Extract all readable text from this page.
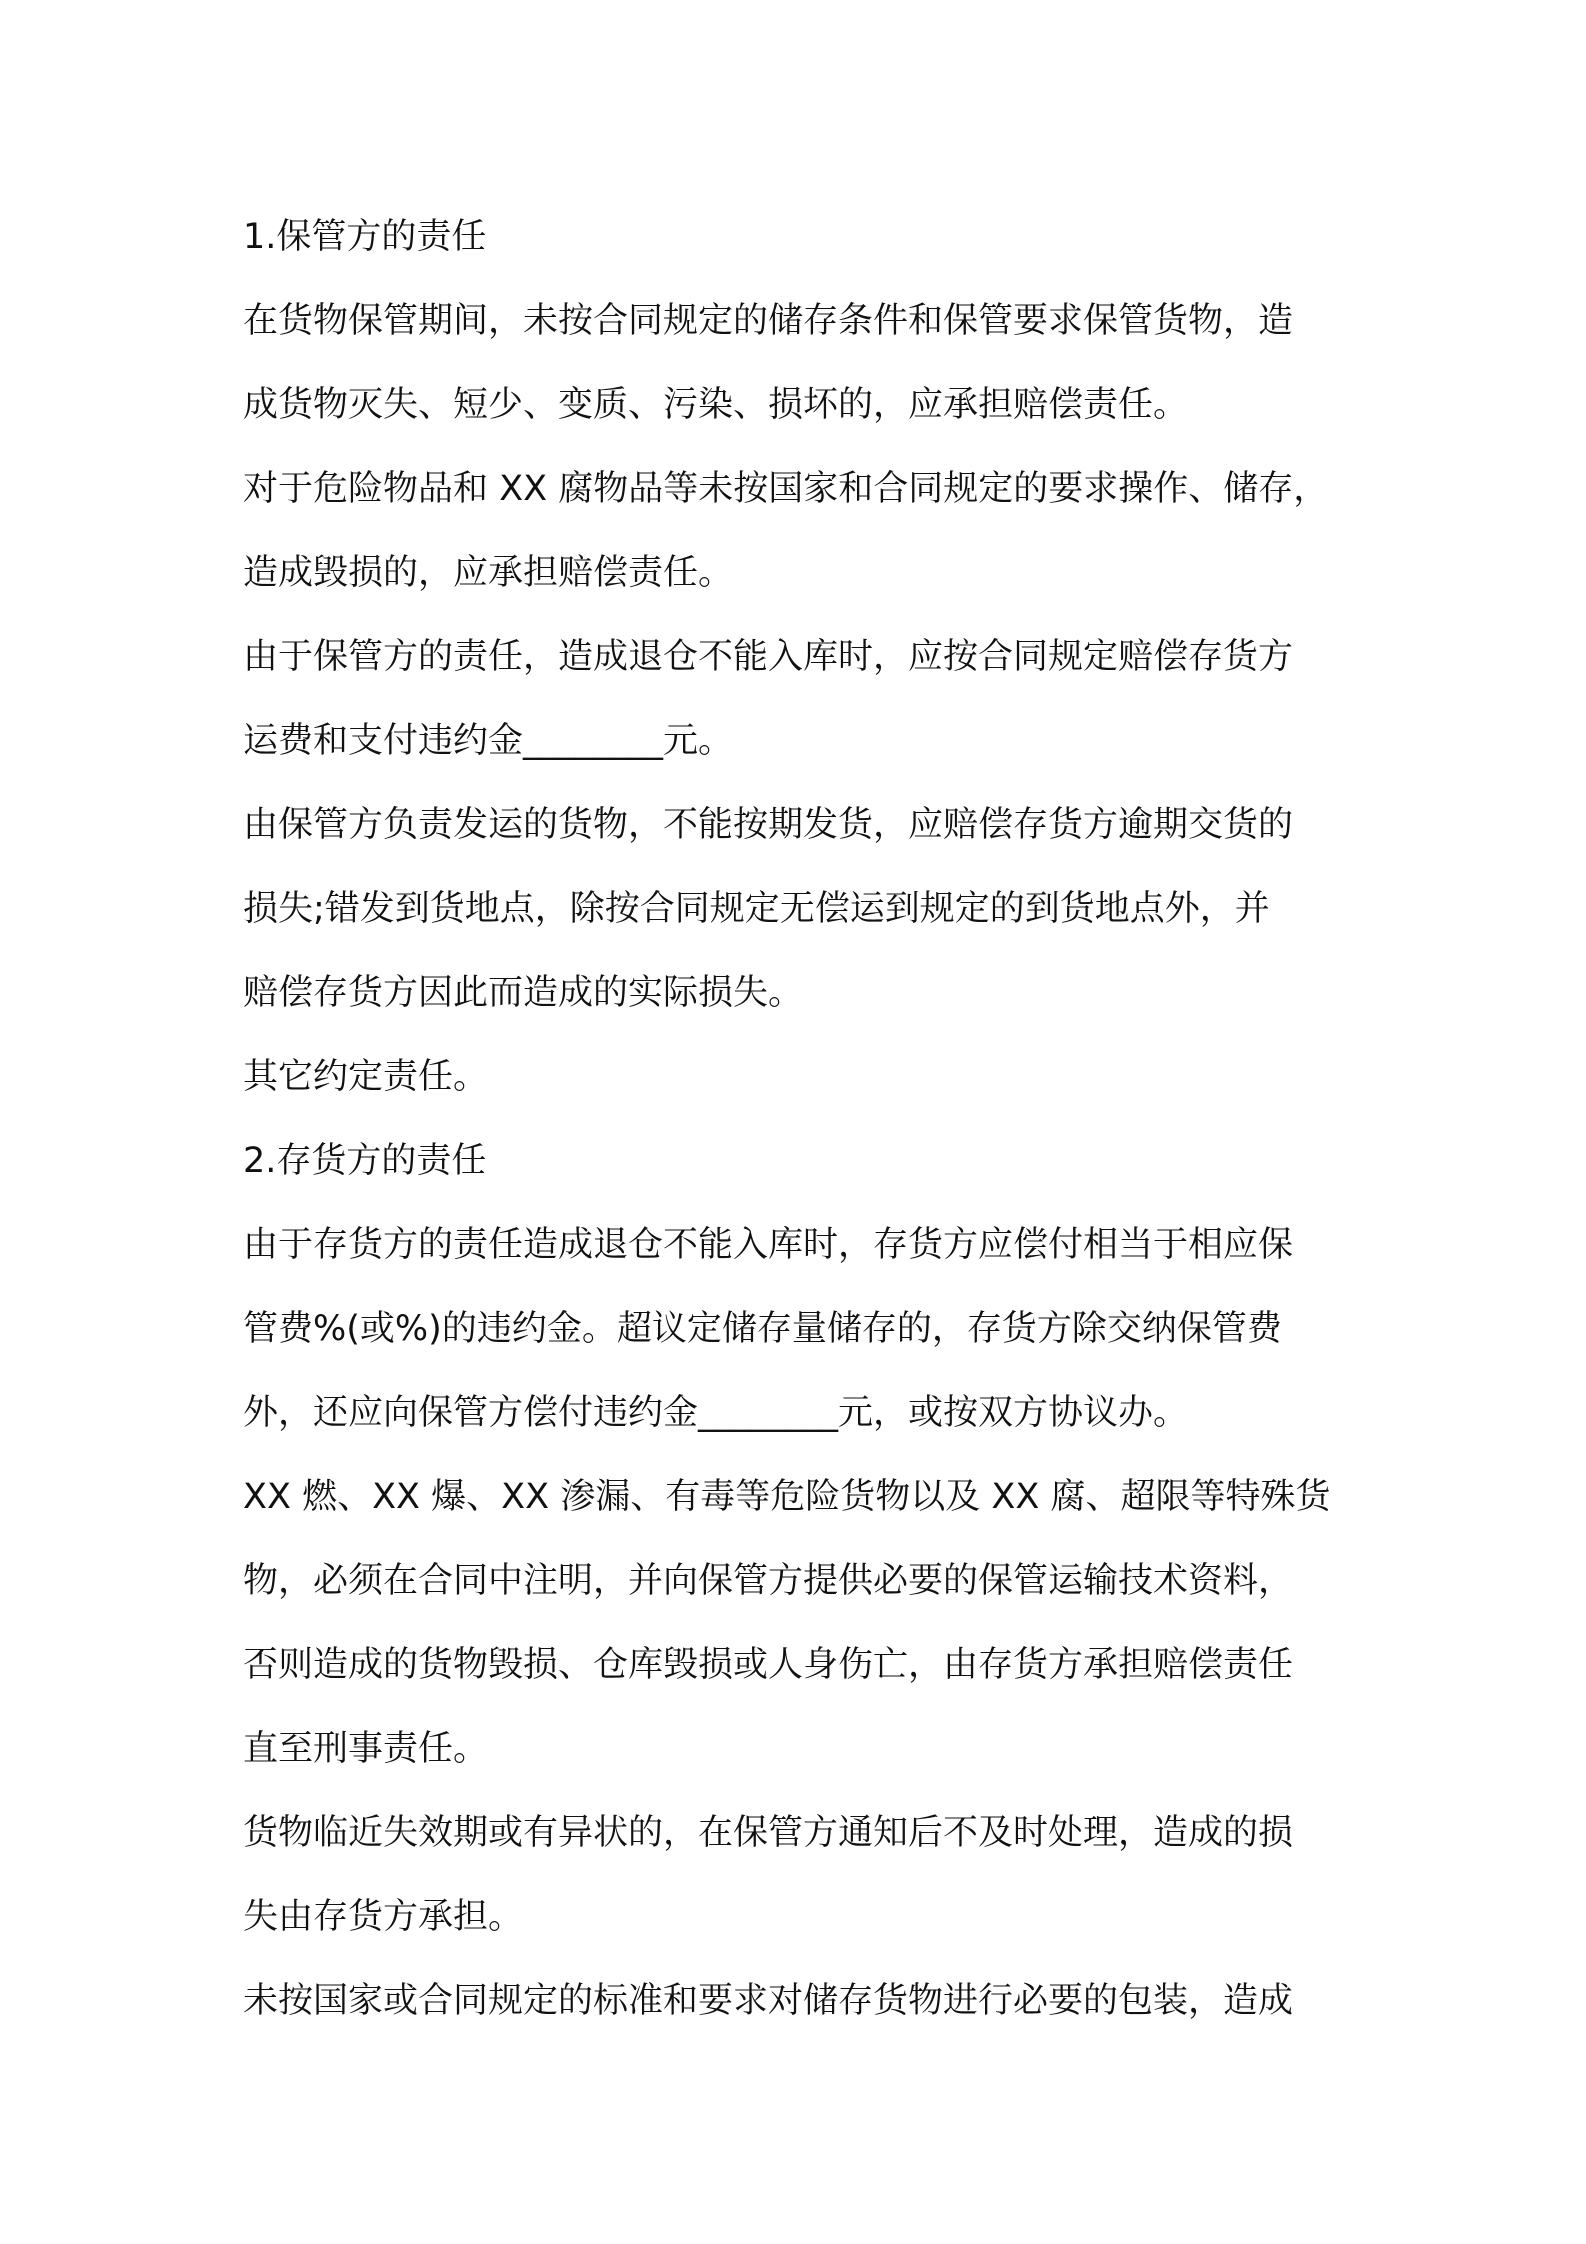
1.保管方的责任
在货物保管期间，未按合同规定的储存条件和保管要求保管货物，造
成货物灭失、短少、变质、污染、损坏的，应承担赔偿责任。
对于危险物品和 XX 腐物品等未按国家和合同规定的要求操作、储存，
造成毁损的，应承担赔偿责任。
由于保管方的责任，造成退仓不能入库时，应按合同规定赔偿存货方
运费和支付违约金________元。
由保管方负责发运的货物，不能按期发货，应赔偿存货方逾期交货的
损失;错发到货地点，除按合同规定无偿运到规定的到货地点外，并
赔偿存货方因此而造成的实际损失。
其它约定责任。
2.存货方的责任
由于存货方的责任造成退仓不能入库时，存货方应偿付相当于相应保
管费%(或%)的违约金。超议定储存量储存的，存货方除交纳保管费
外，还应向保管方偿付违约金________元，或按双方协议办。
XX 燃、XX 爆、XX 渗漏、有毒等危险货物以及 XX 腐、超限等特殊货
物，必须在合同中注明，并向保管方提供必要的保管运输技术资料，
否则造成的货物毁损、仓库毁损或人身伤亡，由存货方承担赔偿责任
直至刑事责任。
货物临近失效期或有异状的，在保管方通知后不及时处理，造成的损
失由存货方承担。
未按国家或合同规定的标准和要求对储存货物进行必要的包装，造成
